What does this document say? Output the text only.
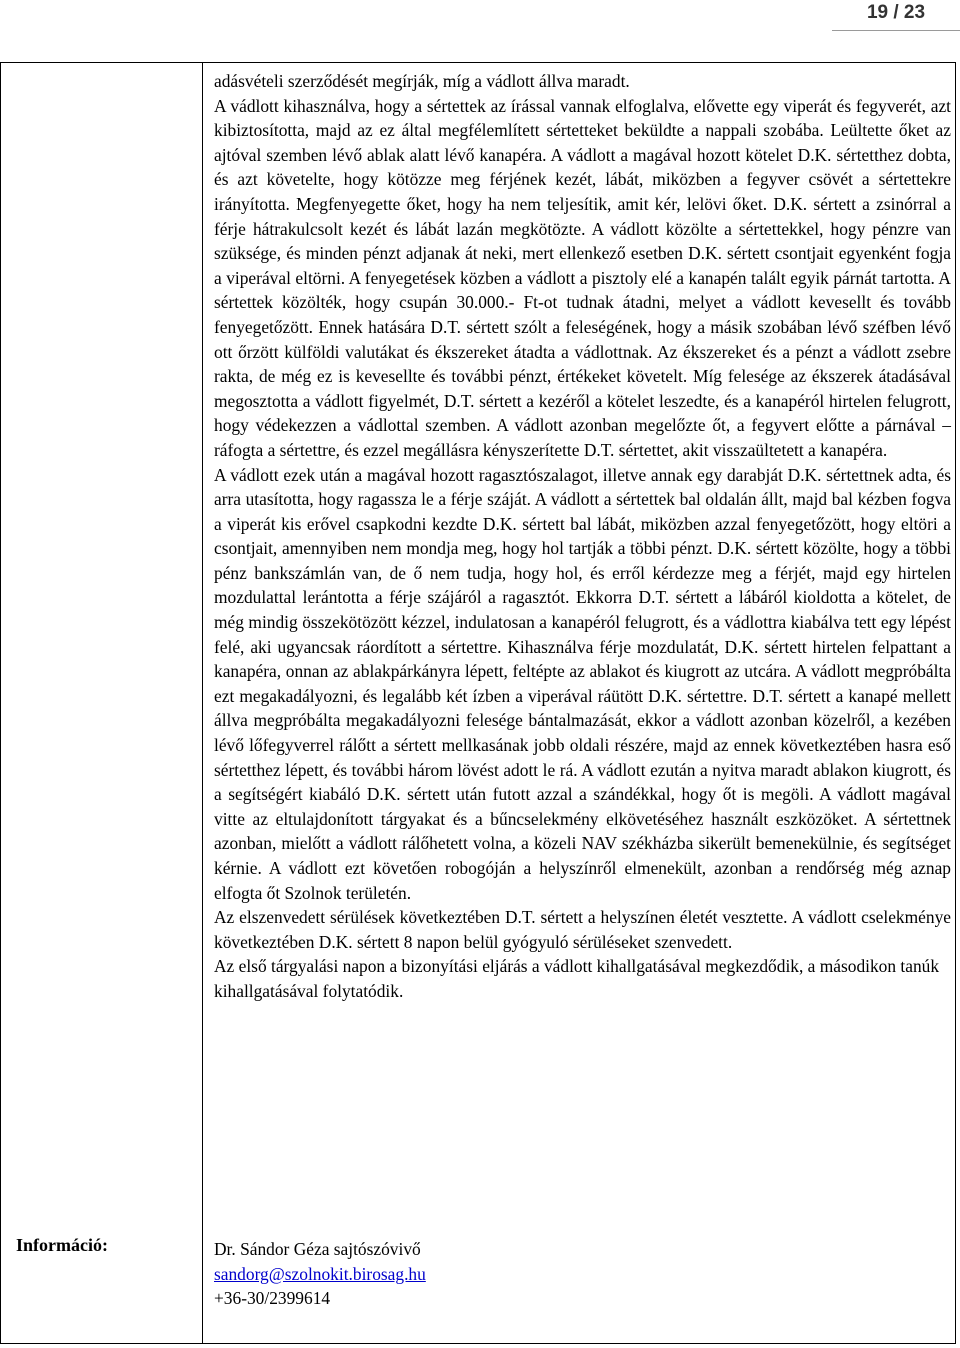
19 / 23
Információ:

adásvételi szerződését megírják, míg a vádlott állva maradt.

A vádlott kihasználva, hogy a sértettek az írással vannak elfoglalva, elővette egy viperát és fegyverét, azt kibiztosította, majd az ez által megfélemlített sértetteket beküldte a nappali szobába. Leültette őket az ajtóval szemben lévő ablak alatt lévő kanapéra. A vádlott a magával hozott kötelet D.K. sértetthez dobta, és azt követelte, hogy kötözze meg férjének kezét, lábát, miközben a fegyver csövét a sértettekre irányította. Megfenyegette őket, hogy ha nem teljesítik, amit kér, lelövi őket. D.K. sértett a zsinórral a férje hátrakulcsolt kezét és lábát lazán megkötözte. A vádlott közölte a sértettekkel, hogy pénzre van szüksége, és minden pénzt adjanak át neki, mert ellenkező esetben D.K. sértett csontjait egyenként fogja a viperával eltörni. A fenyegetések közben a vádlott a pisztoly elé a kanapén talált egyik párnát tartotta. A sértettek közölték, hogy csupán 30.000.- Ft-ot tudnak átadni, melyet a vádlott kevesellt és tovább fenyegetőzött. Ennek hatására D.T. sértett szólt a feleségének, hogy a másik szobában lévő széfben lévő ott őrzött külföldi valutákat és ékszereket átadta a vádlottnak. Az ékszereket és a pénzt a vádlott zsebre rakta, de még ez is kevesellte és további pénzt, értékeket követelt. Míg felesége az ékszerek átadásával megosztotta a vádlott figyelmét, D.T. sértett a kezéről a kötelet leszedte, és a kanapéról hirtelen felugrott, hogy védekezzen a vádlottal szemben. A vádlott azonban megelőzte őt, a fegyvert előtte a párnával – ráfogta a sértettre, és ezzel megállásra kényszerítette D.T. sértettet, akit visszaültetett a kanapéra.

A vádlott ezek után a magával hozott ragasztószalagot, illetve annak egy darabját D.K. sértettnek adta, és arra utasította, hogy ragassza le a férje száját. A vádlott a sértettek bal oldalán állt, majd bal kézben fogva a viperát kis erővel csapkodni kezdte D.K. sértett bal lábát, miközben azzal fenyegetőzött, hogy eltöri a csontjait, amennyiben nem mondja meg, hogy hol tartják a többi pénzt. D.K. sértett közölte, hogy a többi pénz bankszámlán van, de ő nem tudja, hogy hol, és erről kérdezze meg a férjét, majd egy hirtelen mozdulattal lerántotta a férje szájáról a ragasztót. Ekkorra D.T. sértett a lábáról kioldotta a kötelet, de még mindig összekötözött kézzel, indulatosan a kanapéról felugrott, és a vádlottra kiabálva tett egy lépést felé, aki ugyancsak ráordított a sértettre. Kihasználva férje mozdulatát, D.K. sértett hirtelen felpattant a kanapéra, onnan az ablakpárkányra lépett, feltépte az ablakot és kiugrott az utcára. A vádlott megpróbálta ezt megakadályozni, és legalább két ízben a viperával ráütött D.K. sértettre. D.T. sértett a kanapé mellett állva megpróbálta megakadályozni felesége bántalmazását, ekkor a vádlott azonban közelről, a kezében lévő lőfegyverrel rálőtt a sértett mellkasának jobb oldali részére, majd az ennek következtében hasra eső sértetthez lépett, és további három lövést adott le rá. A vádlott ezután a nyitva maradt ablakon kiugrott, és a segítségért kiabáló D.K. sértett után futott azzal a szándékkal, hogy őt is megöli. A vádlott magával vitte az eltulajdonított tárgyakat és a bűncselekmény elkövetéséhez használt eszközöket. A sértettnek azonban, mielőtt a vádlott rálőhetett volna, a közeli NAV székházba sikerült bemenekülnie, és segítséget kérnie. A vádlott ezt követően robogóján a helyszínről elmenekült, azonban a rendőrség még aznap elfogta őt Szolnok területén.

Az elszenvedett sérülések következtében D.T. sértett a helyszínen életét vesztette. A vádlott cselekménye következtében D.K. sértett 8 napon belül gyógyuló sérüléseket szenvedett.

Az első tárgyalási napon a bizonyítási eljárás a vádlott kihallgatásával megkezdődik, a másodikon tanúk kihallgatásával folytatódik.

Dr. Sándor Géza sajtószóvivő
sandorg@szolnokit.birosag.hu
+36-30/2399614
